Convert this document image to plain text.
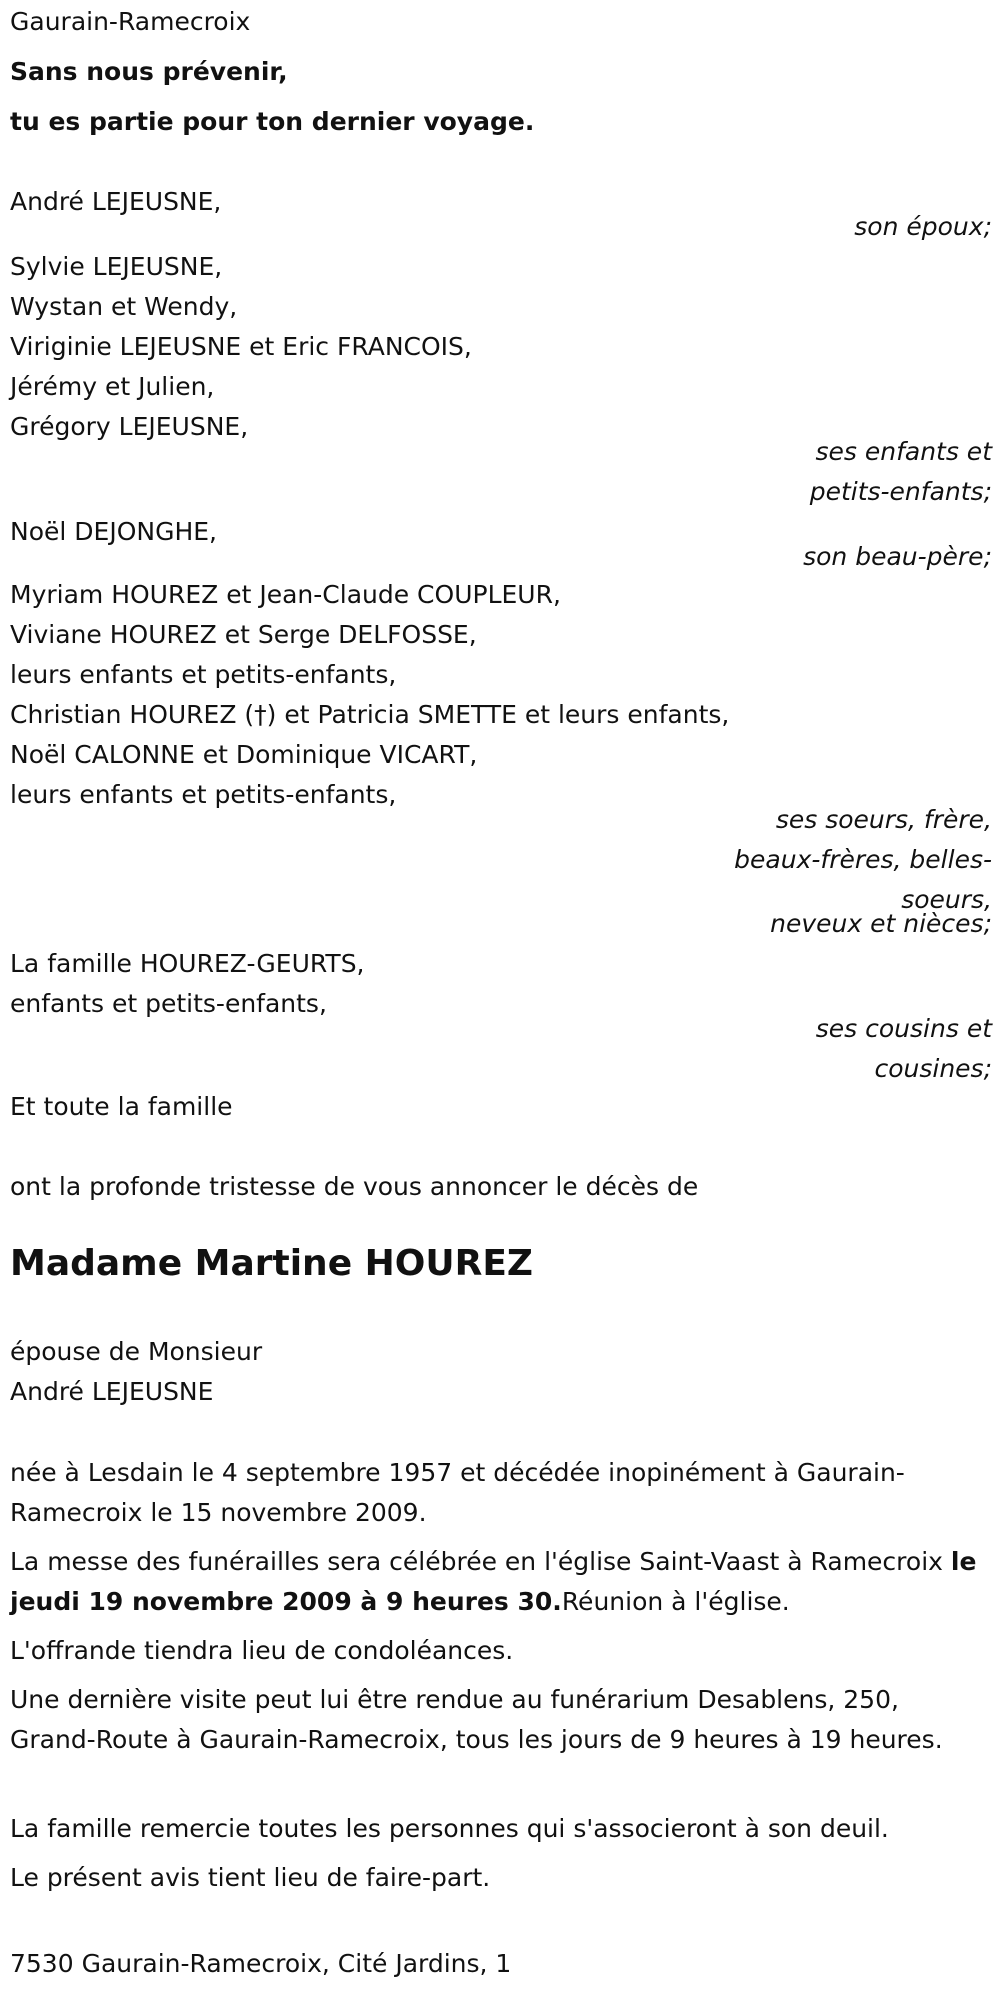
Gaurain-Ramecroix
Sans nous prévenir,
tu es partie pour ton dernier voyage.
André LEJEUSNE,
son époux;
Sylvie LEJEUSNE,
Wystan et Wendy,
Viriginie LEJEUSNE et Eric FRANCOIS,
Jérémy et Julien,
Grégory LEJEUSNE,
ses enfants et
petits-enfants;
Noël DEJONGHE,
son beau-père;
Myriam HOUREZ et Jean-Claude COUPLEUR,
Viviane HOUREZ et Serge DELFOSSE,
leurs enfants et petits-enfants,
Christian HOUREZ (†) et Patricia SMETTE et leurs enfants,
Noël CALONNE et Dominique VICART,
leurs enfants et petits-enfants,
ses soeurs, frère,
beaux-frères, belles-
soeurs,
neveux et nièces;
La famille HOUREZ-GEURTS,
enfants et petits-enfants,
ses cousins et
cousines;
Et toute la famille
ont la profonde tristesse de vous annoncer le décès de
Madame Martine HOUREZ
épouse de Monsieur
André LEJEUSNE
née à Lesdain le 4 septembre 1957 et décédée inopinément à Gaurain-Ramecroix le 15 novembre 2009.
La messe des funérailles sera célébrée en l'église Saint-Vaast à Ramecroix le jeudi 19 novembre 2009 à 9 heures 30.Réunion à l'église.
L'offrande tiendra lieu de condoléances.
Une dernière visite peut lui être rendue au funérarium Desablens, 250, Grand-Route à Gaurain-Ramecroix, tous les jours de 9 heures à 19 heures.
La famille remercie toutes les personnes qui s'associeront à son deuil.
Le présent avis tient lieu de faire-part.
7530 Gaurain-Ramecroix, Cité Jardins, 1
